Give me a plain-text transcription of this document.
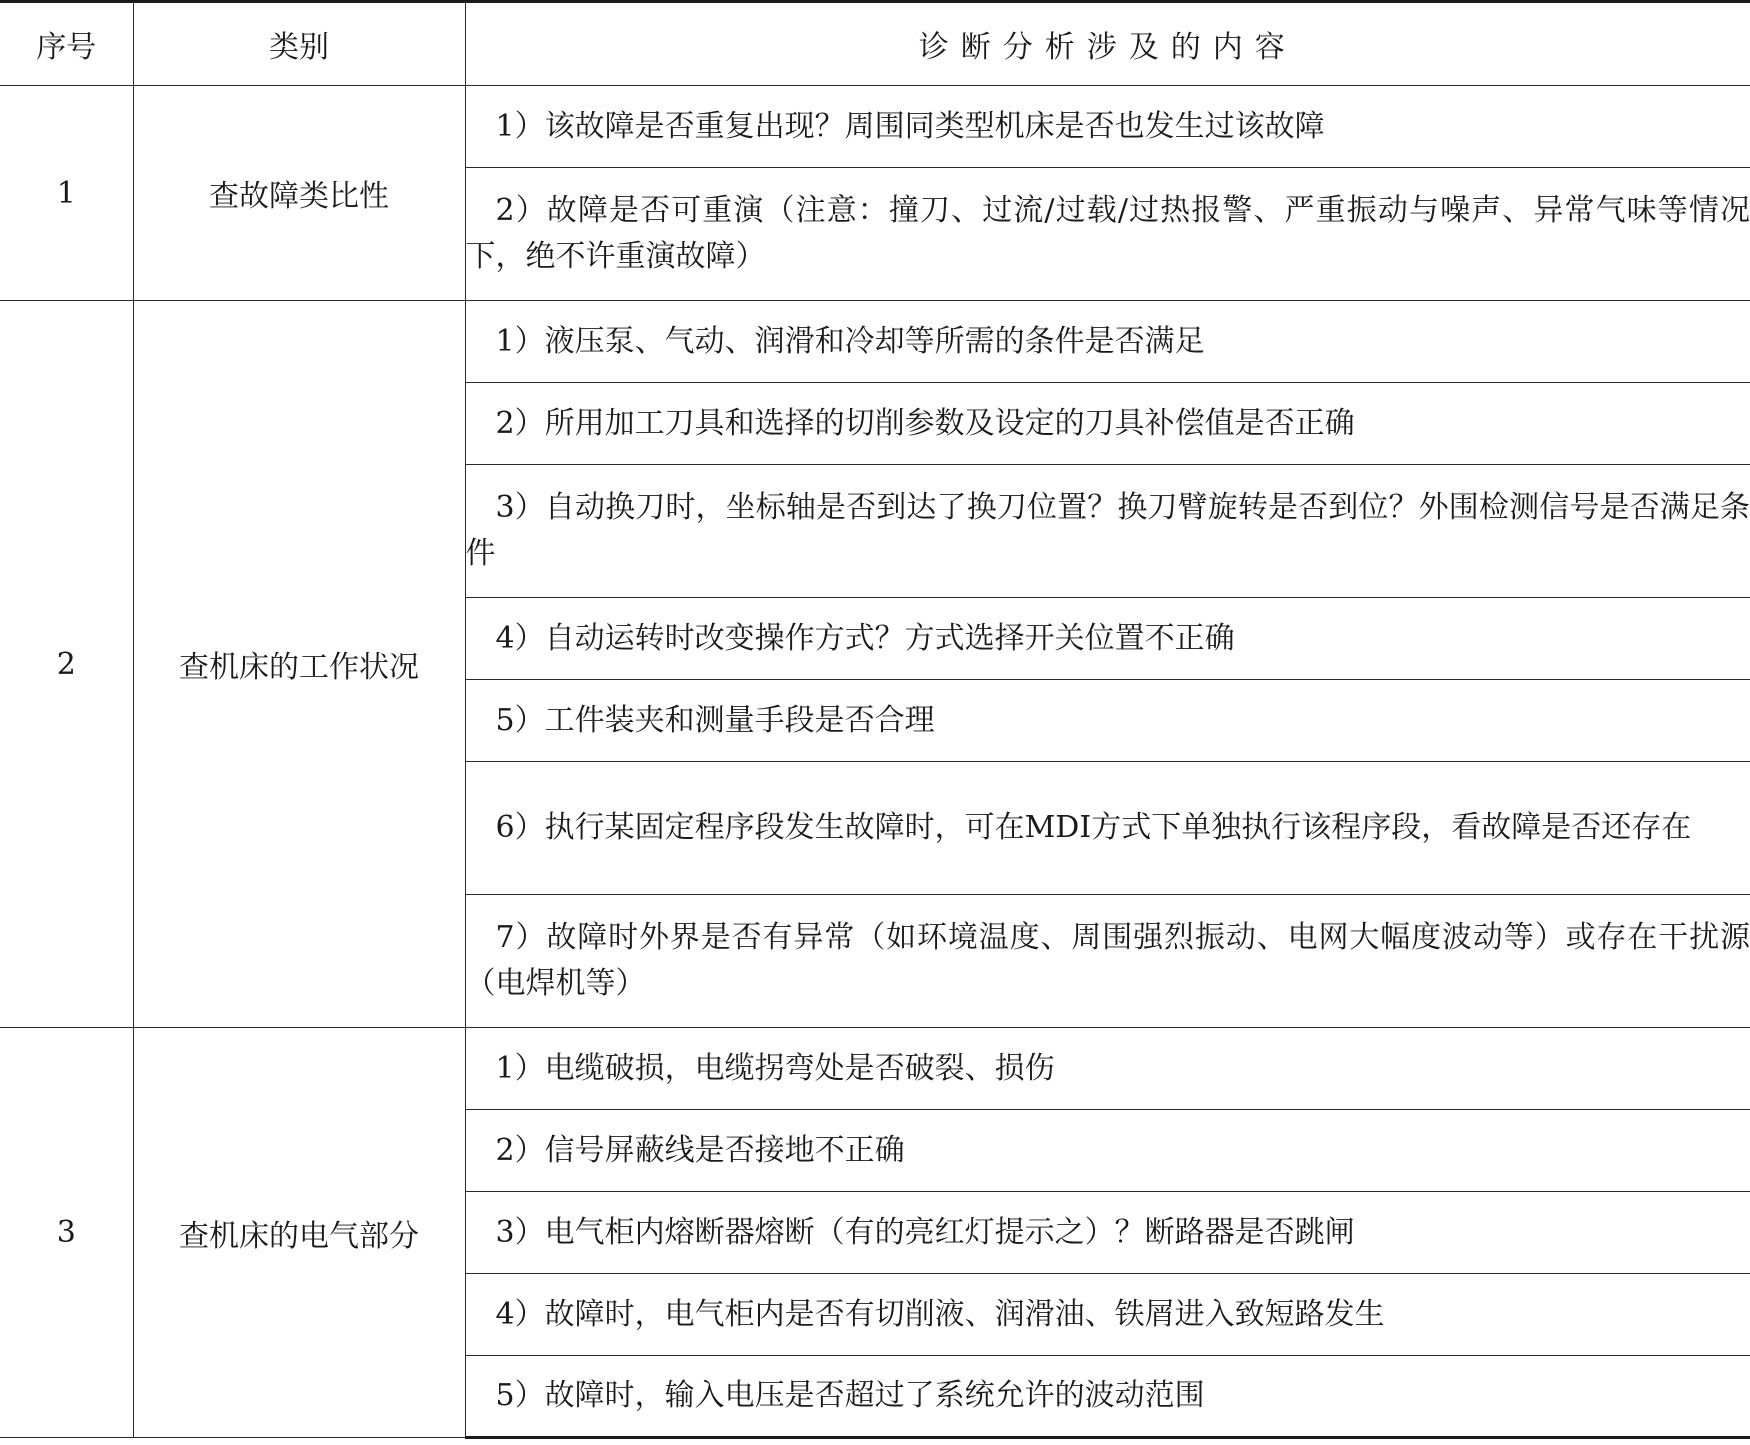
序号	类别	诊断分析涉及的内容
1	查故障类比性	1）该故障是否重复出现？周围同类型机床是否也发生过该故障

		2）故障是否可重演（注意：撞刀、过流/过载/过热报警、严重振动与噪声、异常气味等情况下，绝不许重演故障）

2	查机床的工作状况	1）液压泵、气动、润滑和冷却等所需的条件是否满足

		2）所用加工刀具和选择的切削参数及设定的刀具补偿值是否正确

		3）自动换刀时，坐标轴是否到达了换刀位置？换刀臂旋转是否到位？外围检测信号是否满足条件

		4）自动运转时改变操作方式？方式选择开关位置不正确

		5）工件装夹和测量手段是否合理

		6）执行某固定程序段发生故障时，可在MDI方式下单独执行该程序段，看故障是否还存在

		7）故障时外界是否有异常（如环境温度、周围强烈振动、电网大幅度波动等）或存在干扰源（电焊机等）

3	查机床的电气部分	1）电缆破损，电缆拐弯处是否破裂、损伤

		2）信号屏蔽线是否接地不正确

		3）电气柜内熔断器熔断（有的亮红灯提示之）？断路器是否跳闸

		4）故障时，电气柜内是否有切削液、润滑油、铁屑进入致短路发生

		5）故障时，输入电压是否超过了系统允许的波动范围
